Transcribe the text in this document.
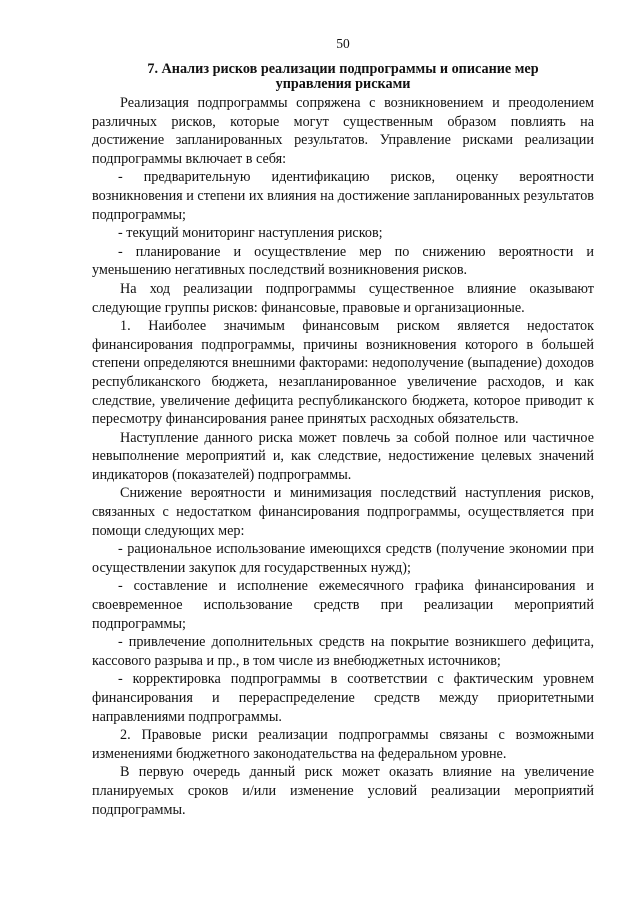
50
7. Анализ рисков реализации подпрограммы и описание мер
управления рисками

Реализация подпрограммы сопряжена с возникновением и преодолением различных рисков, которые могут существенным образом повлиять на достижение запланированных результатов. Управление рисками реализации подпрограммы включает в себя:

- предварительную идентификацию рисков, оценку вероятности возникновения и степени их влияния на достижение запланированных результатов подпрограммы;

- текущий мониторинг наступления рисков;

- планирование и осуществление мер по снижению вероятности и уменьшению негативных последствий возникновения рисков.

На ход реализации подпрограммы существенное влияние оказывают следующие группы рисков: финансовые, правовые и организационные.

1. Наиболее значимым финансовым риском является недостаток финансирования подпрограммы, причины возникновения которого в большей степени определяются внешними факторами: недополучение (выпадение) доходов республиканского бюджета, незапланированное увеличение расходов, и как следствие, увеличение дефицита республиканского бюджета, которое приводит к пересмотру финансирования ранее принятых расходных обязательств.

Наступление данного риска может повлечь за собой полное или частичное невыполнение мероприятий и, как следствие, недостижение целевых значений индикаторов (показателей) подпрограммы.

Снижение вероятности и минимизация последствий наступления рисков, связанных с недостатком финансирования подпрограммы, осуществляется при помощи следующих мер:

- рациональное использование имеющихся средств (получение экономии при осуществлении закупок для государственных нужд);

- составление и исполнение ежемесячного графика финансирования и своевременное использование средств при реализации мероприятий подпрограммы;

- привлечение дополнительных средств на покрытие возникшего дефицита, кассового разрыва и пр., в том числе из внебюджетных источников;

- корректировка подпрограммы в соответствии с фактическим уровнем финансирования и перераспределение средств между приоритетными направлениями подпрограммы.

2. Правовые риски реализации подпрограммы связаны с возможными изменениями бюджетного законодательства на федеральном уровне.

В первую очередь данный риск может оказать влияние на увеличение планируемых сроков и/или изменение условий реализации мероприятий подпрограммы.
